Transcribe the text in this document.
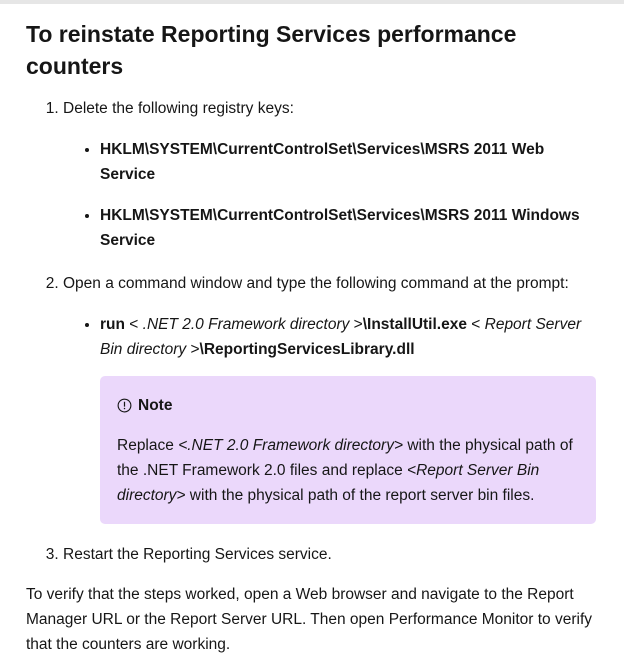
To reinstate Reporting Services performance counters
1. Delete the following registry keys:
• HKLM\SYSTEM\CurrentControlSet\Services\MSRS 2011 Web Service
• HKLM\SYSTEM\CurrentControlSet\Services\MSRS 2011 Windows Service
2. Open a command window and type the following command at the prompt:
• run < .NET 2.0 Framework directory >\InstallUtil.exe < Report Server Bin directory >\ReportingServicesLibrary.dll
Note
Replace <.NET 2.0 Framework directory> with the physical path of the .NET Framework 2.0 files and replace <Report Server Bin directory> with the physical path of the report server bin files.
3. Restart the Reporting Services service.

To verify that the steps worked, open a Web browser and navigate to the Report Manager URL or the Report Server URL. Then open Performance Monitor to verify that the counters are working.
